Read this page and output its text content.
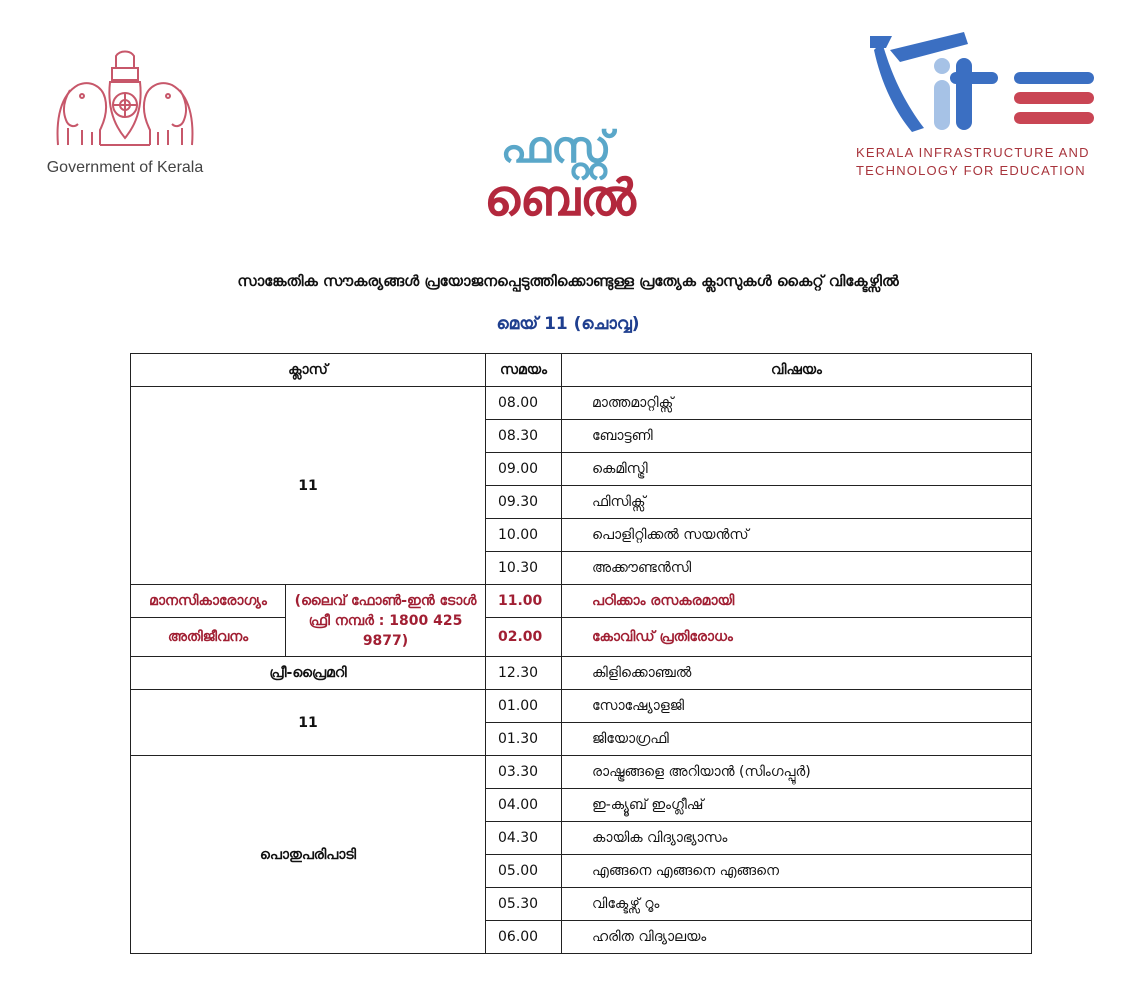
Government of Kerala	ഫസ്റ്റ്
ബെൽ
KERALA INFRASTRUCTURE AND
TECHNOLOGY FOR EDUCATION
സാങ്കേതിക സൗകര്യങ്ങൾ പ്രയോജനപ്പെടുത്തിക്കൊണ്ടുള്ള പ്രത്യേക ക്ലാസുകൾ കൈറ്റ് വിക്ടേഴ്സിൽ
മെയ് 11 (ചൊവ്വ)
ക്ലാസ്		സമയം	വിഷയം
11		08.00	മാത്തമാറ്റിക്സ്
		08.30	ബോട്ടണി
		09.00	കെമിസ്ട്രി
		09.30	ഫിസിക്സ്
		10.00	പൊളിറ്റിക്കൽ സയൻസ്
		10.30	അക്കൗണ്ടൻസി
മാനസികാരോഗ്യം	(ലൈവ് ഫോൺ-ഇൻ ടോൾ ഫ്രീ നമ്പർ : 1800 425 9877)	11.00	പഠിക്കാം രസകരമായി
അതിജീവനം		02.00	കോവിഡ് പ്രതിരോധം
പ്രീ-പ്രൈമറി		12.30	കിളിക്കൊഞ്ചൽ
11		01.00	സോഷ്യോളജി
		01.30	ജിയോഗ്രഫി
പൊതുപരിപാടി		03.30	രാഷ്ട്രങ്ങളെ അറിയാൻ (സിംഗപ്പൂർ)
		04.00	ഇ-ക്യൂബ് ഇംഗ്ലീഷ്
		04.30	കായിക വിദ്യാഭ്യാസം
		05.00	എങ്ങനെ എങ്ങനെ എങ്ങനെ
		05.30	വിക്ടേഴ്സ് റൂം
		06.00	ഹരിത വിദ്യാലയം
